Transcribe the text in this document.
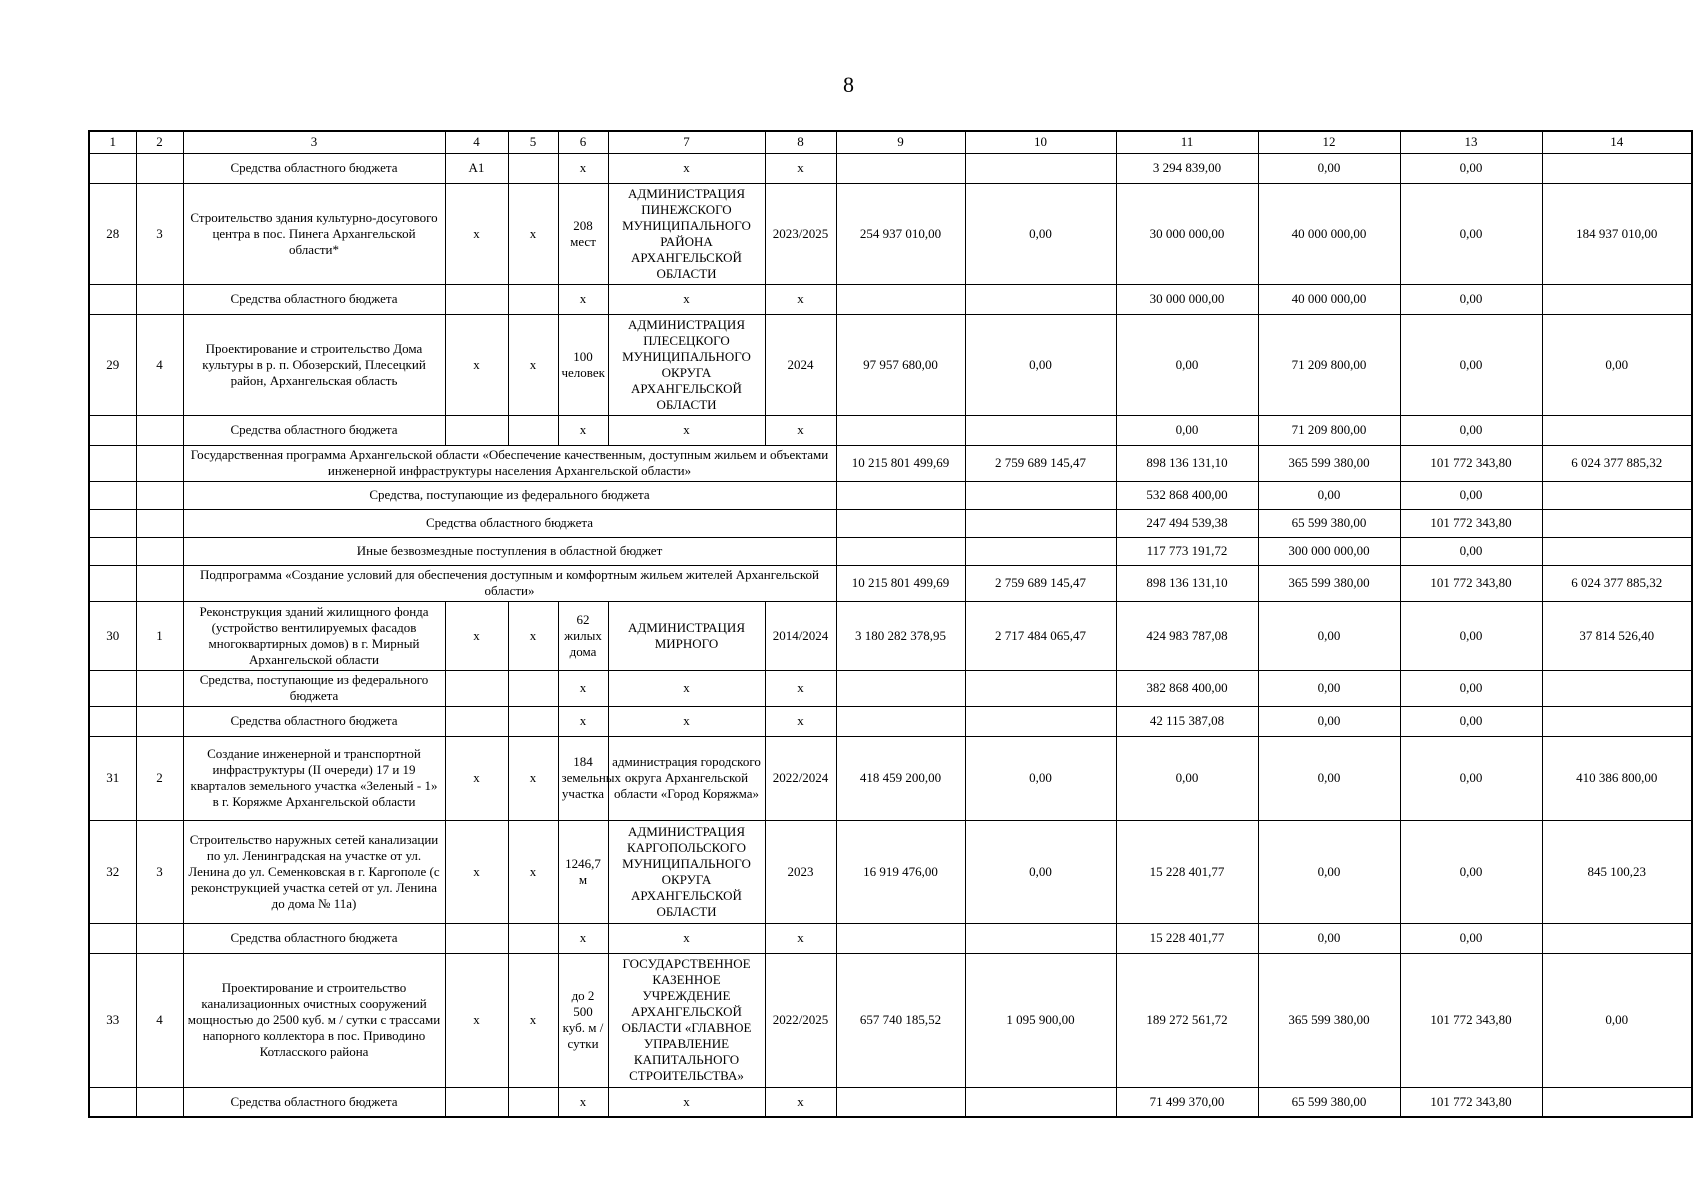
8
1	2	3	4	5	6	7	8	9	10	11	12	13	14
		Средства областного бюджета	А1		х	х	х			3 294 839,00	0,00	0,00	
28	3	Строительство здания культурно-досугового центра в пос. Пинега Архангельской области*	х	х	208 мест	АДМИНИСТРАЦИЯ ПИНЕЖСКОГО МУНИЦИПАЛЬНОГО РАЙОНА АРХАНГЕЛЬСКОЙ ОБЛАСТИ	2023/2025	254 937 010,00	0,00	30 000 000,00	40 000 000,00	0,00	184 937 010,00
		Средства областного бюджета			х	х	х			30 000 000,00	40 000 000,00	0,00	
29	4	Проектирование и строительство Дома культуры в р. п. Обозерский, Плесецкий район, Архангельская область	х	х	100 человек	АДМИНИСТРАЦИЯ ПЛЕСЕЦКОГО МУНИЦИПАЛЬНОГО ОКРУГА АРХАНГЕЛЬСКОЙ ОБЛАСТИ	2024	97 957 680,00	0,00	0,00	71 209 800,00	0,00	0,00
		Средства областного бюджета			х	х	х			0,00	71 209 800,00	0,00	
		Государственная программа Архангельской области «Обеспечение качественным, доступным жильем и объектами инженерной инфраструктуры населения Архангельской области»						10 215 801 499,69	2 759 689 145,47	898 136 131,10	365 599 380,00	101 772 343,80	6 024 377 885,32
		Средства, поступающие из федерального бюджета								532 868 400,00	0,00	0,00	
		Средства областного бюджета								247 494 539,38	65 599 380,00	101 772 343,80	
		Иные безвозмездные поступления в областной бюджет								117 773 191,72	300 000 000,00	0,00	
		Подпрограмма «Создание условий для обеспечения доступным и комфортным жильем жителей Архангельской области»						10 215 801 499,69	2 759 689 145,47	898 136 131,10	365 599 380,00	101 772 343,80	6 024 377 885,32
30	1	Реконструкция зданий жилищного фонда (устройство вентилируемых фасадов многоквартирных домов) в г. Мирный Архангельской области	х	х	62 жилых дома	АДМИНИСТРАЦИЯ МИРНОГО	2014/2024	3 180 282 378,95	2 717 484 065,47	424 983 787,08	0,00	0,00	37 814 526,40
		Средства, поступающие из федерального бюджета			х	х	х			382 868 400,00	0,00	0,00	
		Средства областного бюджета			х	х	х			42 115 387,08	0,00	0,00	
31	2	Создание инженерной и транспортной инфраструктуры (II очереди) 17 и 19 кварталов земельного участка «Зеленый - 1» в г. Коряжме Архангельской области	х	х	184 земельных участка	администрация городского округа Архангельской области «Город Коряжма»	2022/2024	418 459 200,00	0,00	0,00	0,00	0,00	410 386 800,00
32	3	Строительство наружных сетей канализации по ул. Ленинградская на участке от ул. Ленина до ул. Семенковская в г. Каргополе (с реконструкцией участка сетей от ул. Ленина до дома № 11а)	х	х	1246,7 м	АДМИНИСТРАЦИЯ КАРГОПОЛЬСКОГО МУНИЦИПАЛЬНОГО ОКРУГА АРХАНГЕЛЬСКОЙ ОБЛАСТИ	2023	16 919 476,00	0,00	15 228 401,77	0,00	0,00	845 100,23
		Средства областного бюджета			х	х	х			15 228 401,77	0,00	0,00	
33	4	Проектирование и строительство канализационных очистных сооружений мощностью до 2500 куб. м / сутки с трассами напорного коллектора в пос. Приводино Котласского района	х	х	до 2 500 куб. м / сутки	ГОСУДАРСТВЕННОЕ КАЗЕННОЕ УЧРЕЖДЕНИЕ АРХАНГЕЛЬСКОЙ ОБЛАСТИ «ГЛАВНОЕ УПРАВЛЕНИЕ КАПИТАЛЬНОГО СТРОИТЕЛЬСТВА»	2022/2025	657 740 185,52	1 095 900,00	189 272 561,72	365 599 380,00	101 772 343,80	0,00
		Средства областного бюджета			х	х	х			71 499 370,00	65 599 380,00	101 772 343,80	
